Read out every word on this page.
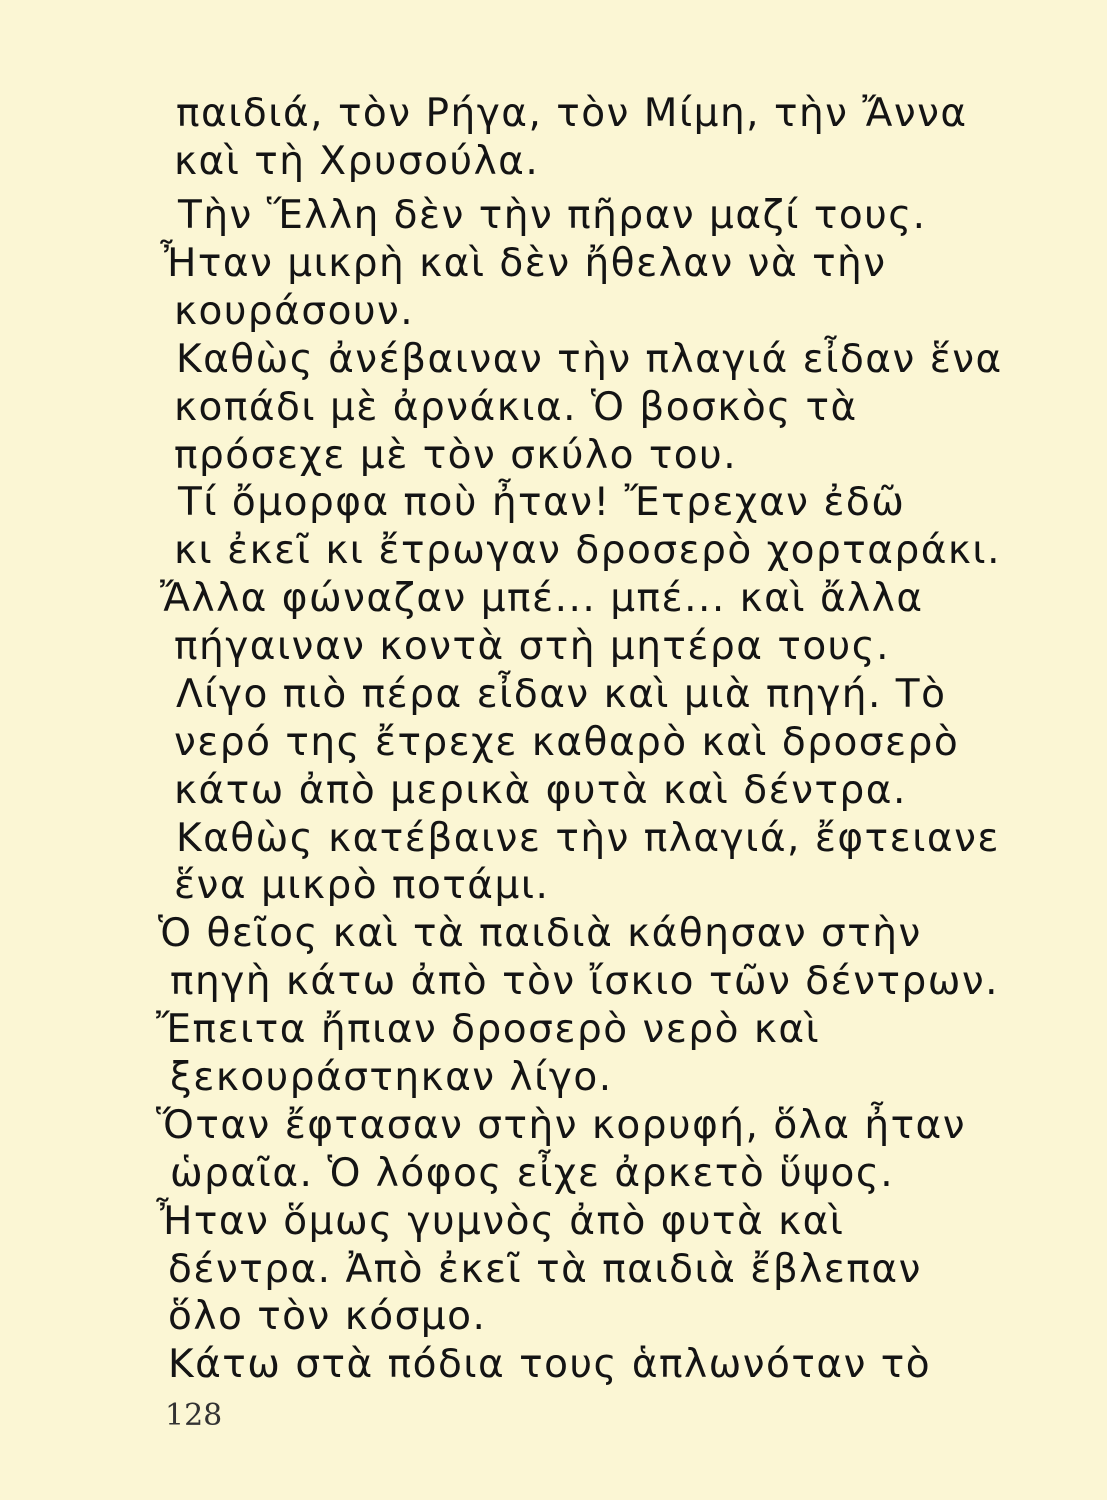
παιδιά, τὸν Ρήγα, τὸν Μίμη, τὴν Ἄννα

καὶ τὴ Χρυσούλα.

Τὴν Ἕλλη δὲν τὴν πῆραν μαζί τους.

Ἦταν μικρὴ καὶ δὲν ἤθελαν νὰ τὴν

κουράσουν.

Καθὼς ἀνέβαιναν τὴν πλαγιά εἶδαν ἕνα

κοπάδι μὲ ἀρνάκια. Ὁ βοσκὸς τὰ

πρόσεχε μὲ τὸν σκύλο του.

Τί ὄμορφα ποὺ ἦταν! Ἔτρεχαν ἐδῶ

κι ἐκεῖ κι ἔτρωγαν δροσερὸ χορταράκι.

Ἄλλα φώναζαν μπέ... μπέ... καὶ ἄλλα

πήγαιναν κοντὰ στὴ μητέρα τους.

Λίγο πιὸ πέρα εἶδαν καὶ μιὰ πηγή. Τὸ

νερό της ἔτρεχε καθαρὸ καὶ δροσερὸ

κάτω ἀπὸ μερικὰ φυτὰ καὶ δέντρα.

Καθὼς κατέβαινε τὴν πλαγιά, ἔφτειανε

ἕνα μικρὸ ποτάμι.

Ὁ θεῖος καὶ τὰ παιδιὰ κάθησαν στὴν

πηγὴ κάτω ἀπὸ τὸν ἴσκιο τῶν δέντρων.

Ἔπειτα ἤπιαν δροσερὸ νερὸ καὶ

ξεκουράστηκαν λίγο.

Ὅταν ἔφτασαν στὴν κορυφή, ὅλα ἦταν

ὡραῖα. Ὁ λόφος εἶχε ἀρκετὸ ὕψος.

Ἦταν ὅμως γυμνὸς ἀπὸ φυτὰ καὶ

δέντρα. Ἀπὸ ἐκεῖ τὰ παιδιὰ ἔβλεπαν

ὅλο τὸν κόσμο.

Κάτω στὰ πόδια τους ἁπλωνόταν τὸ

128
